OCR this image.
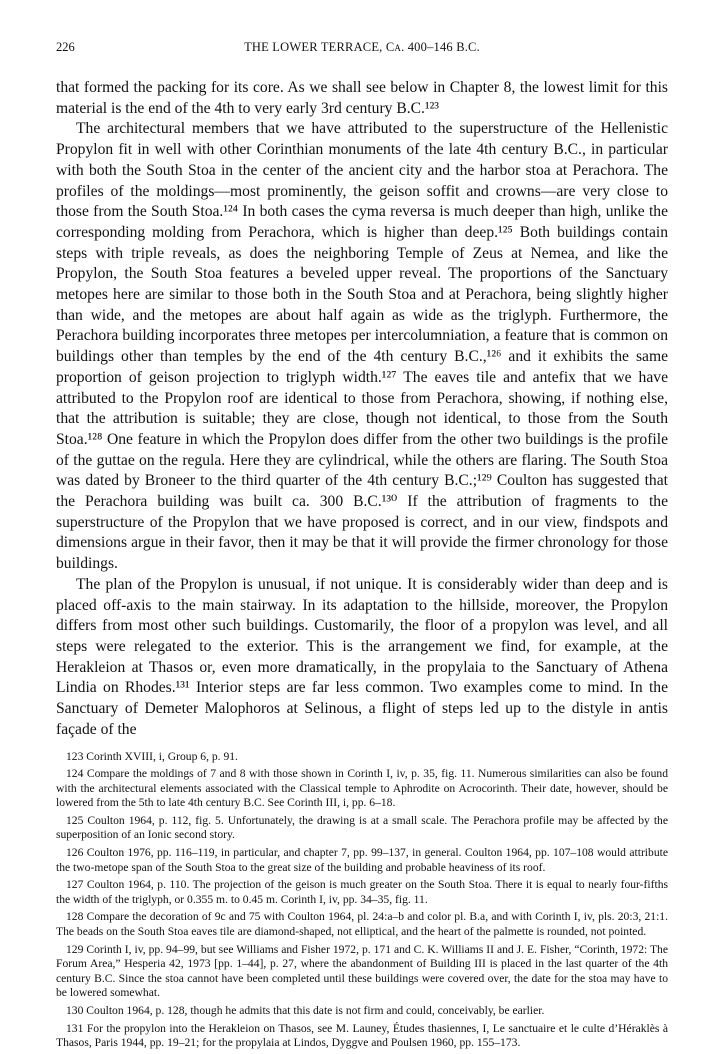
226	THE LOWER TERRACE, Ca. 400–146 B.C.

that formed the packing for its core. As we shall see below in Chapter 8, the lowest limit for this material is the end of the 4th to very early 3rd century B.C.¹²³

The architectural members that we have attributed to the superstructure of the Hellenistic Propylon fit in well with other Corinthian monuments of the late 4th century B.C., in particular with both the South Stoa in the center of the ancient city and the harbor stoa at Perachora. The profiles of the moldings—most prominently, the geison soffit and crowns—are very close to those from the South Stoa.¹²⁴ In both cases the cyma reversa is much deeper than high, unlike the corresponding molding from Perachora, which is higher than deep.¹²⁵ Both buildings contain steps with triple reveals, as does the neighboring Temple of Zeus at Nemea, and like the Propylon, the South Stoa features a beveled upper reveal. The proportions of the Sanctuary metopes here are similar to those both in the South Stoa and at Perachora, being slightly higher than wide, and the metopes are about half again as wide as the triglyph. Furthermore, the Perachora building incorporates three metopes per intercolumniation, a feature that is common on buildings other than temples by the end of the 4th century B.C.,¹²⁶ and it exhibits the same proportion of geison projection to triglyph width.¹²⁷ The eaves tile and antefix that we have attributed to the Propylon roof are identical to those from Perachora, showing, if nothing else, that the attribution is suitable; they are close, though not identical, to those from the South Stoa.¹²⁸ One feature in which the Propylon does differ from the other two buildings is the profile of the guttae on the regula. Here they are cylindrical, while the others are flaring. The South Stoa was dated by Broneer to the third quarter of the 4th century B.C.;¹²⁹ Coulton has suggested that the Perachora building was built ca. 300 B.C.¹³⁰ If the attribution of fragments to the superstructure of the Propylon that we have proposed is correct, and in our view, findspots and dimensions argue in their favor, then it may be that it will provide the firmer chronology for those buildings.

The plan of the Propylon is unusual, if not unique. It is considerably wider than deep and is placed off-axis to the main stairway. In its adaptation to the hillside, moreover, the Propylon differs from most other such buildings. Customarily, the floor of a propylon was level, and all steps were relegated to the exterior. This is the arrangement we find, for example, at the Herakleion at Thasos or, even more dramatically, in the propylaia to the Sanctuary of Athena Lindia on Rhodes.¹³¹ Interior steps are far less common. Two examples come to mind. In the Sanctuary of Demeter Malophoros at Selinous, a flight of steps led up to the distyle in antis façade of the

123 Corinth XVIII, i, Group 6, p. 91.

124 Compare the moldings of 7 and 8 with those shown in Corinth I, iv, p. 35, fig. 11. Numerous similarities can also be found with the architectural elements associated with the Classical temple to Aphrodite on Acrocorinth. Their date, however, should be lowered from the 5th to late 4th century B.C. See Corinth III, i, pp. 6–18.

125 Coulton 1964, p. 112, fig. 5. Unfortunately, the drawing is at a small scale. The Perachora profile may be affected by the superposition of an Ionic second story.

126 Coulton 1976, pp. 116–119, in particular, and chapter 7, pp. 99–137, in general. Coulton 1964, pp. 107–108 would attribute the two-metope span of the South Stoa to the great size of the building and probable heaviness of its roof.

127 Coulton 1964, p. 110. The projection of the geison is much greater on the South Stoa. There it is equal to nearly four-fifths the width of the triglyph, or 0.355 m. to 0.45 m. Corinth I, iv, pp. 34–35, fig. 11.

128 Compare the decoration of 9c and 75 with Coulton 1964, pl. 24:a–b and color pl. B.a, and with Corinth I, iv, pls. 20:3, 21:1. The beads on the South Stoa eaves tile are diamond-shaped, not elliptical, and the heart of the palmette is rounded, not pointed.

129 Corinth I, iv, pp. 94–99, but see Williams and Fisher 1972, p. 171 and C. K. Williams II and J. E. Fisher, “Corinth, 1972: The Forum Area,” Hesperia 42, 1973 [pp. 1–44], p. 27, where the abandonment of Building III is placed in the last quarter of the 4th century B.C. Since the stoa cannot have been completed until these buildings were covered over, the date for the stoa may have to be lowered somewhat.

130 Coulton 1964, p. 128, though he admits that this date is not firm and could, conceivably, be earlier.

131 For the propylon into the Herakleion on Thasos, see M. Launey, Études thasiennes, I, Le sanctuaire et le culte d’Héraklès à Thasos, Paris 1944, pp. 19–21; for the propylaia at Lindos, Dyggve and Poulsen 1960, pp. 155–173.
